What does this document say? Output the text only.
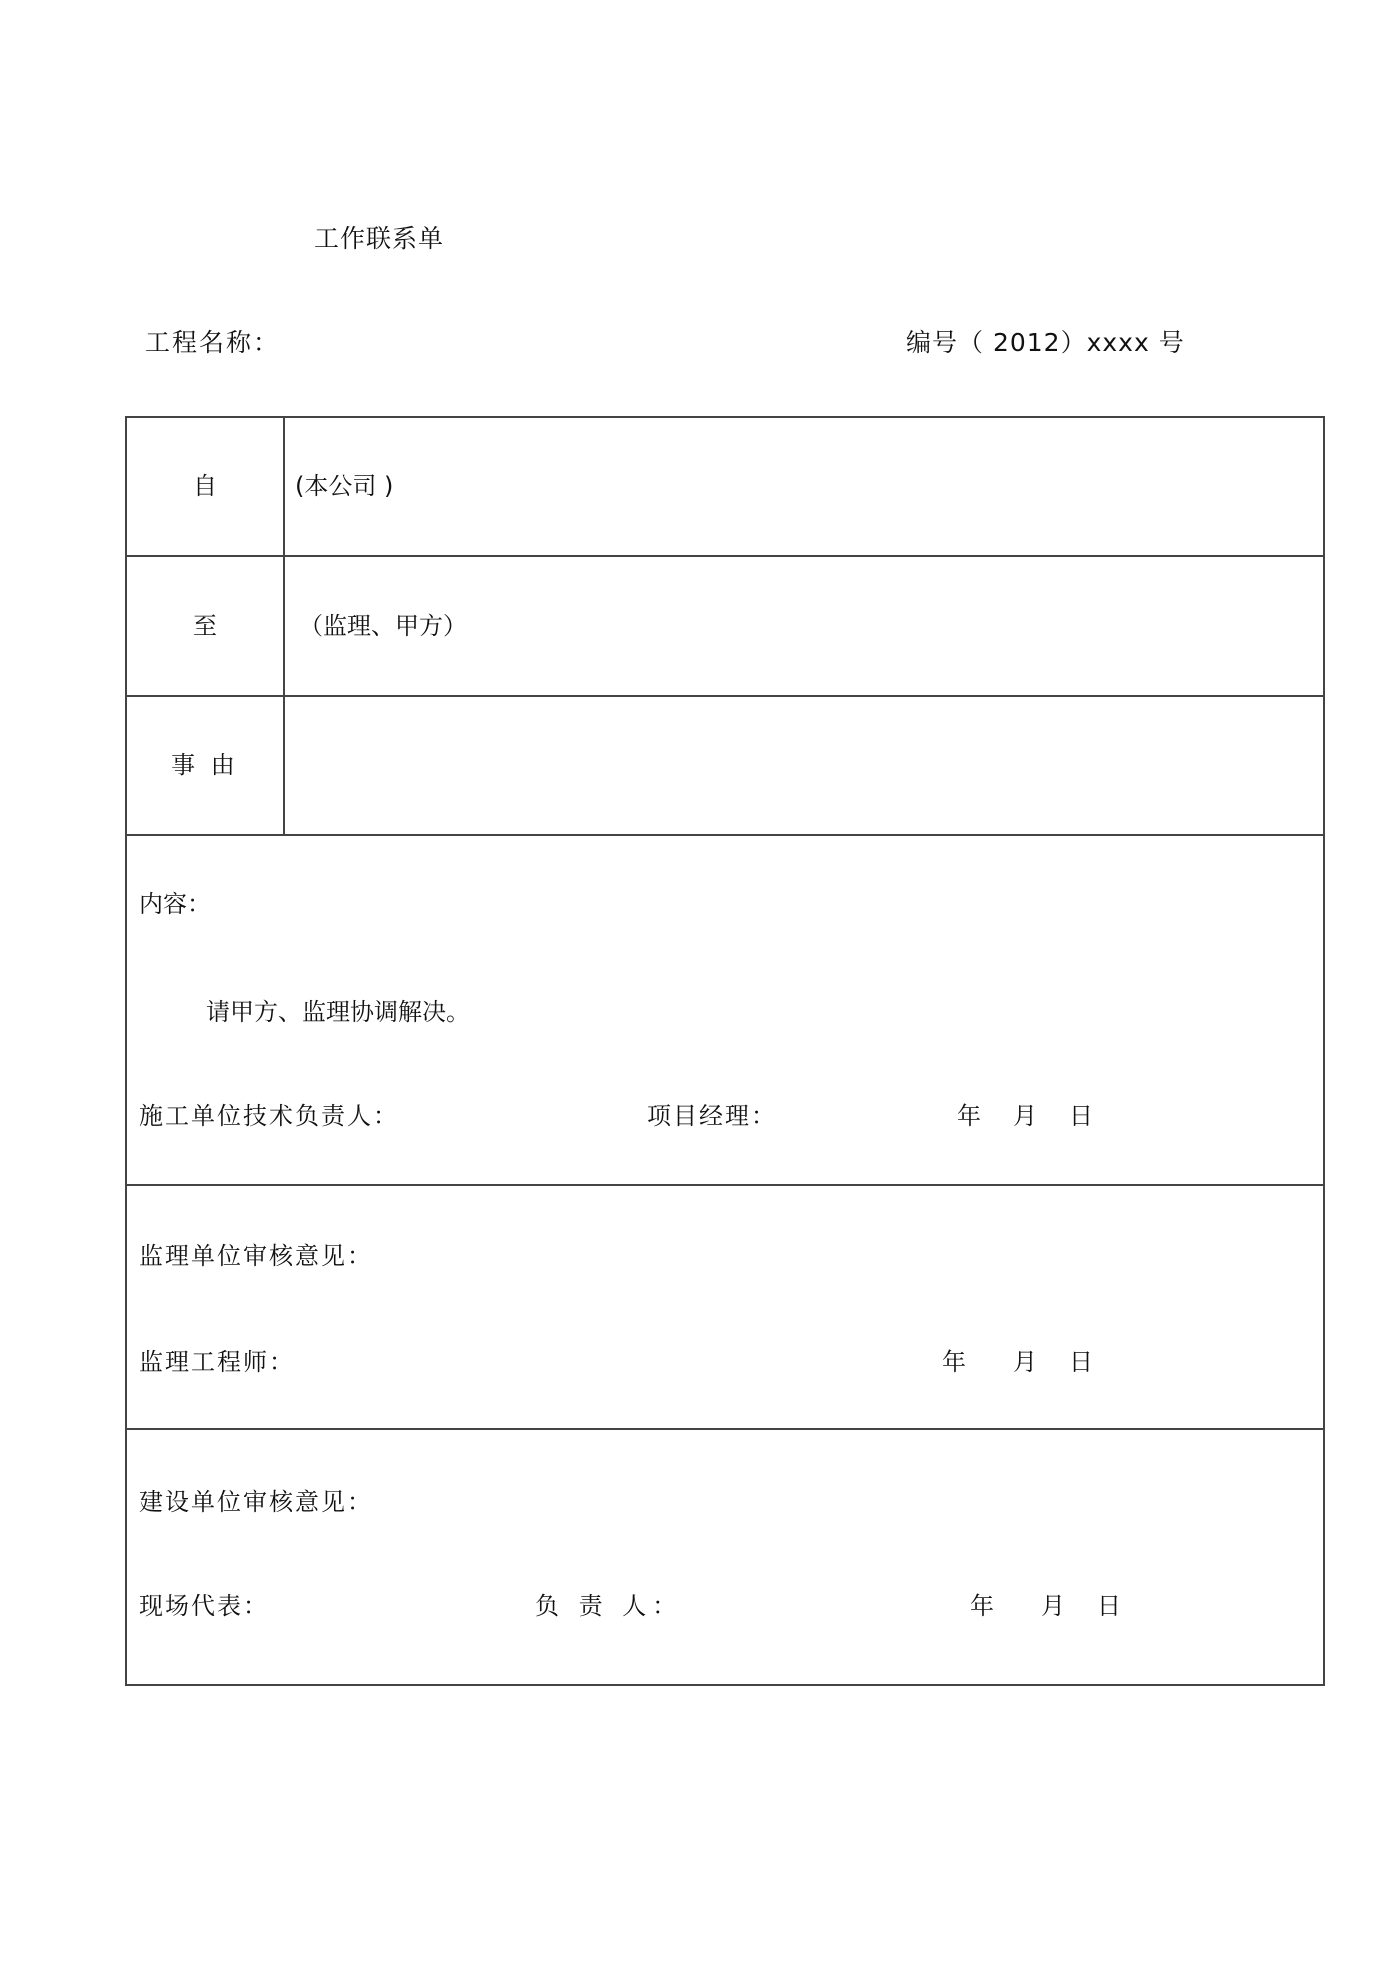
工作联系单
工程名称：	编号（ 2012）xxxx 号
自	(本公司 )
至	（监理、甲方）
事 由
内容：
请甲方、监理协调解决。
施工单位技术负责人：	项目经理：	年 月 日
监理单位审核意见：
监理工程师：	年 月 日
建设单位审核意见：
现场代表：	负 责 人：	年 月 日
